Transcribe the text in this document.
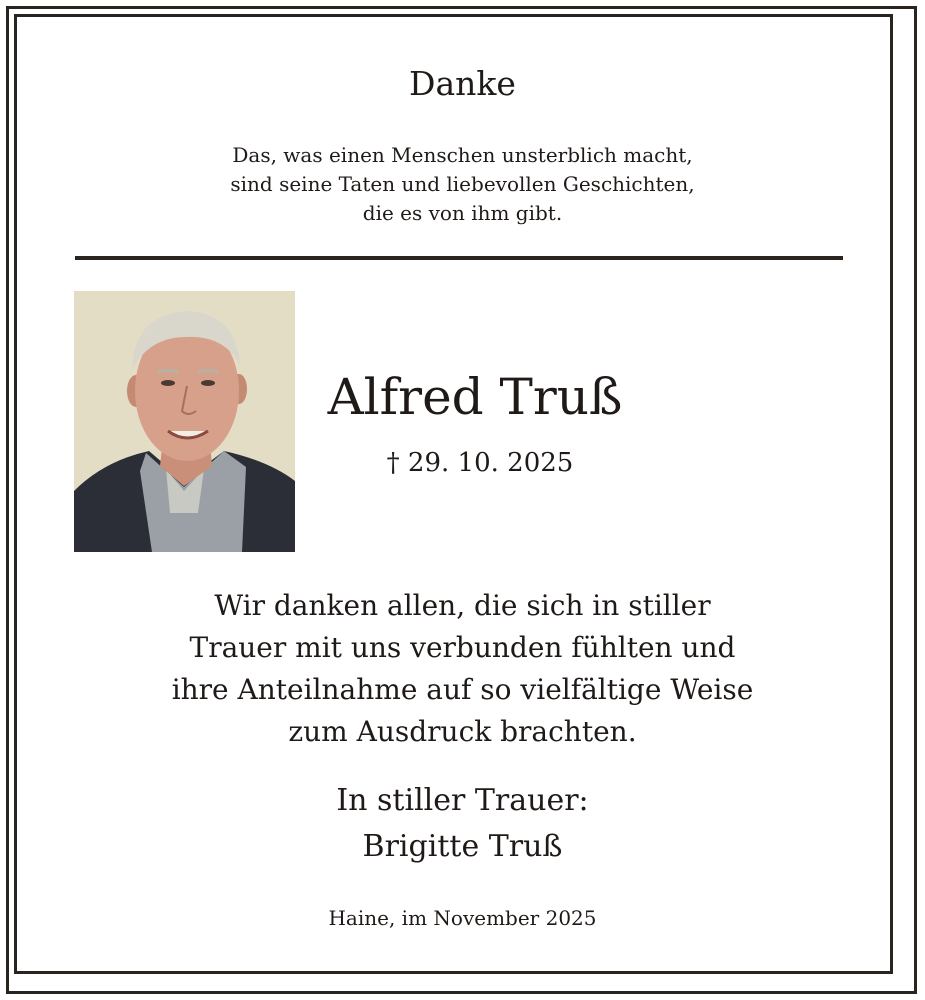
Danke
Das, was einen Menschen unsterblich macht,
sind seine Taten und liebevollen Geschichten,
die es von ihm gibt.
Alfred Truß
† 29. 10. 2025
Wir danken allen, die sich in stiller
Trauer mit uns verbunden fühlten und
ihre Anteilnahme auf so vielfältige Weise
zum Ausdruck brachten.
In stiller Trauer:
Brigitte Truß
Haine, im November 2025
